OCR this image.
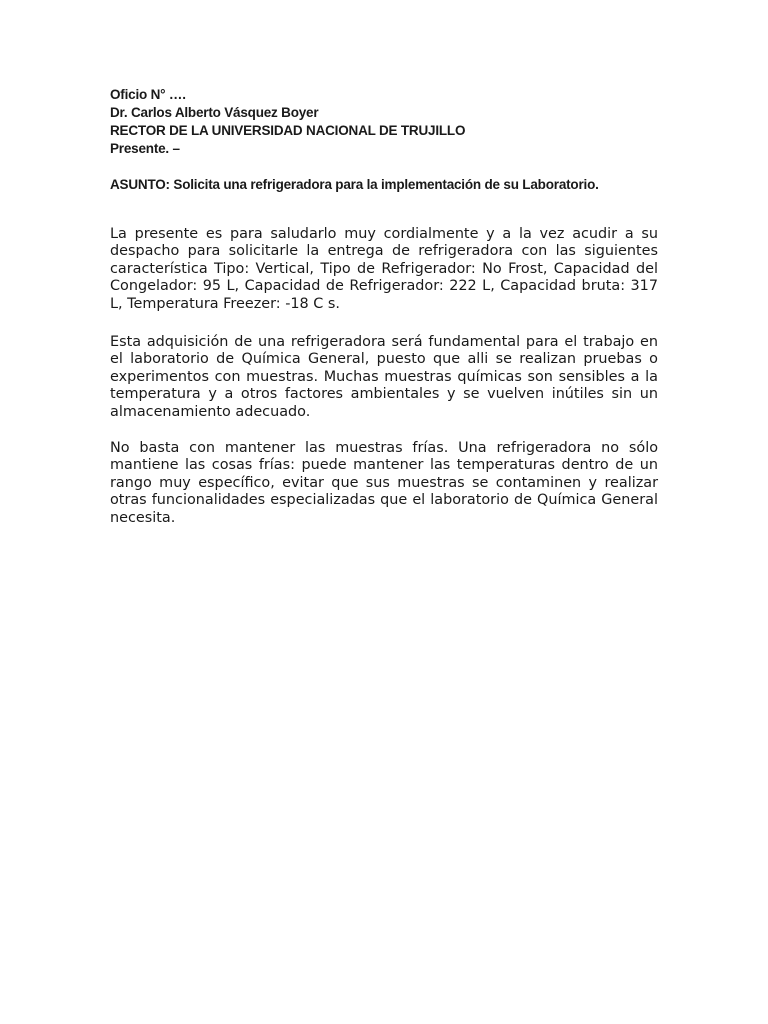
Oficio N° ….
Dr. Carlos Alberto Vásquez Boyer
RECTOR DE LA UNIVERSIDAD NACIONAL DE TRUJILLO
Presente. –
ASUNTO: Solicita una refrigeradora para la implementación de su Laboratorio.

La presente es para saludarlo muy cordialmente y a la vez acudir a su despacho para solicitarle la entrega de refrigeradora con las siguientes característica Tipo: Vertical, Tipo de Refrigerador: No Frost, Capacidad del Congelador: 95 L, Capacidad de Refrigerador: 222 L, Capacidad bruta: 317 L, Temperatura Freezer: -18 C s.

Esta adquisición de una refrigeradora será fundamental para el trabajo en el laboratorio de Química General, puesto que alli se realizan pruebas o experimentos con muestras. Muchas muestras químicas son sensibles a la temperatura y a otros factores ambientales y se vuelven inútiles sin un almacenamiento adecuado.

No basta con mantener las muestras frías. Una refrigeradora no sólo mantiene las cosas frías: puede mantener las temperaturas dentro de un rango muy específico, evitar que sus muestras se contaminen y realizar otras funcionalidades especializadas que el laboratorio de Química General necesita.
